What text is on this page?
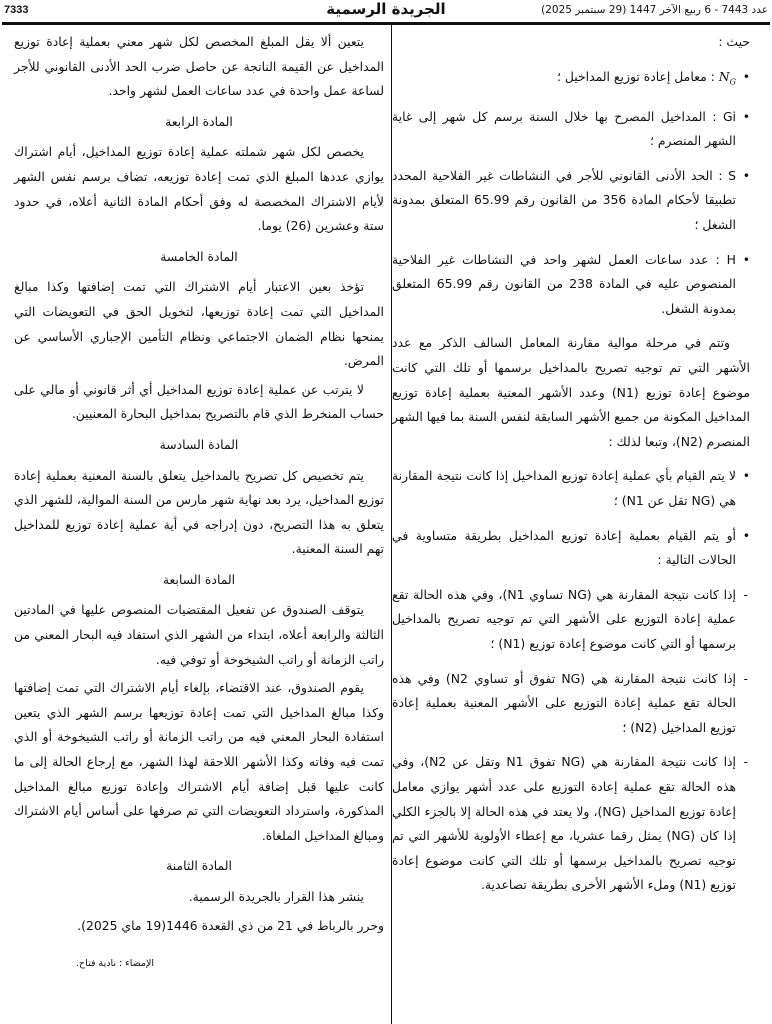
7333	الجريدة الرسمية	عدد 7443 - 6 ربيع الآخر 1447 (29 سبتمبر 2025)

حيث :

• $N_G$ : معامل إعادة توزيع المداخيل ؛
• Gi : المداخيل المصرح بها خلال السنة برسم كل شهر إلى غاية الشهر المنصرم ؛
• S : الحد الأدنى القانوني للأجر في النشاطات غير الفلاحية المحدد تطبيقا لأحكام المادة 356 من القانون رقم 65.99 المتعلق بمدونة الشغل ؛
• H : عدد ساعات العمل لشهر واحد في النشاطات غير الفلاحية المنصوص عليه في المادة 238 من القانون رقم 65.99 المتعلق بمدونة الشغل.

وتتم في مرحلة موالية مقارنة المعامل السالف الذكر مع عدد الأشهر التي تم توجيه تصريح بالمداخيل برسمها أو تلك التي كانت موضوع إعادة توزيع (N1) وعدد الأشهر المعنية بعملية إعادة توزيع المداخيل المكونة من جميع الأشهر السابقة لنفس السنة بما فيها الشهر المنصرم (N2)، وتبعا لذلك :

• لا يتم القيام بأي عملية إعادة توزيع المداخيل إذا كانت نتيجة المقارنة هي (NG تقل عن N1) ؛
• أو يتم القيام بعملية إعادة توزيع المداخيل بطريقة متساوية في الحالات التالية :
- إذا كانت نتيجة المقارنة هي (NG تساوي N1)، وفي هذه الحالة تقع عملية إعادة التوزيع على الأشهر التي تم توجيه تصريح بالمداخيل برسمها أو التي كانت موضوع إعادة توزيع (N1) ؛
- إذا كانت نتيجة المقارنة هي (NG تفوق أو تساوي N2) وفي هذه الحالة تقع عملية إعادة التوزيع على الأشهر المعنية بعملية إعادة توزيع المداخيل (N2) ؛
- إذا كانت نتيجة المقارنة هي (NG تفوق N1 وتقل عن N2)، وفي هذه الحالة تقع عملية إعادة التوزيع على عدد أشهر يوازي معامل إعادة توزيع المداخيل (NG)، ولا يعتد في هذه الحالة إلا بالجزء الكلي إذا كان (NG) يمثل رقما عشريا، مع إعطاء الأولوية للأشهر التي تم توجيه تصريح بالمداخيل برسمها أو تلك التي كانت موضوع إعادة توزيع (N1) وملء الأشهر الأخرى بطريقة تصاعدية.

يتعين ألا يقل المبلغ المخصص لكل شهر معني بعملية إعادة توزيع المداخيل عن القيمة الناتجة عن حاصل ضرب الحد الأدنى القانوني للأجر لساعة عمل واحدة في عدد ساعات العمل لشهر واحد.

المادة الرابعة

يخصص لكل شهر شملته عملية إعادة توزيع المداخيل، أيام اشتراك يوازي عددها المبلغ الذي تمت إعادة توزيعه، تضاف برسم نفس الشهر لأيام الاشتراك المخصصة له وفق أحكام المادة الثانية أعلاه، في حدود ستة وعشرين (26) يوما.

المادة الخامسة

تؤخذ بعين الاعتبار أيام الاشتراك التي تمت إضافتها وكذا مبالغ المداخيل التي تمت إعادة توزيعها، لتخويل الحق في التعويضات التي يمنحها نظام الضمان الاجتماعي ونظام التأمين الإجباري الأساسي عن المرض.

لا يترتب عن عملية إعادة توزيع المداخيل أي أثر قانوني أو مالي على حساب المنخرط الذي قام بالتصريح بمداخيل البحارة المعنيين.

المادة السادسة

يتم تخصيص كل تصريح بالمداخيل يتعلق بالسنة المعنية بعملية إعادة توزيع المداخيل، يرد بعد نهاية شهر مارس من السنة الموالية، للشهر الذي يتعلق به هذا التصريح، دون إدراجه في أية عملية إعادة توزيع للمداخيل تهم السنة المعنية.

المادة السابعة

يتوقف الصندوق عن تفعيل المقتضيات المنصوص عليها في المادتين الثالثة والرابعة أعلاه، ابتداء من الشهر الذي استفاد فيه البحار المعني من راتب الزمانة أو راتب الشيخوخة أو توفي فيه.

يقوم الصندوق، عند الاقتضاء، بإلغاء أيام الاشتراك التي تمت إضافتها وكذا مبالغ المداخيل التي تمت إعادة توزيعها برسم الشهر الذي يتعين استفادة البحار المعني فيه من راتب الزمانة أو راتب الشيخوخة أو الذي تمت فيه وفاته وكذا الأشهر اللاحقة لهذا الشهر، مع إرجاع الحالة إلى ما كانت عليها قبل إضافة أيام الاشتراك وإعادة توزيع مبالغ المداخيل المذكورة، واسترداد التعويضات التي تم صرفها على أساس أيام الاشتراك ومبالغ المداخيل الملغاة.

المادة الثامنة

ينشر هذا القرار بالجريدة الرسمية.

وحرر بالرباط في 21 من ذي القعدة 1446(19 ماي 2025).

الإمضاء : نادية فتاح.
